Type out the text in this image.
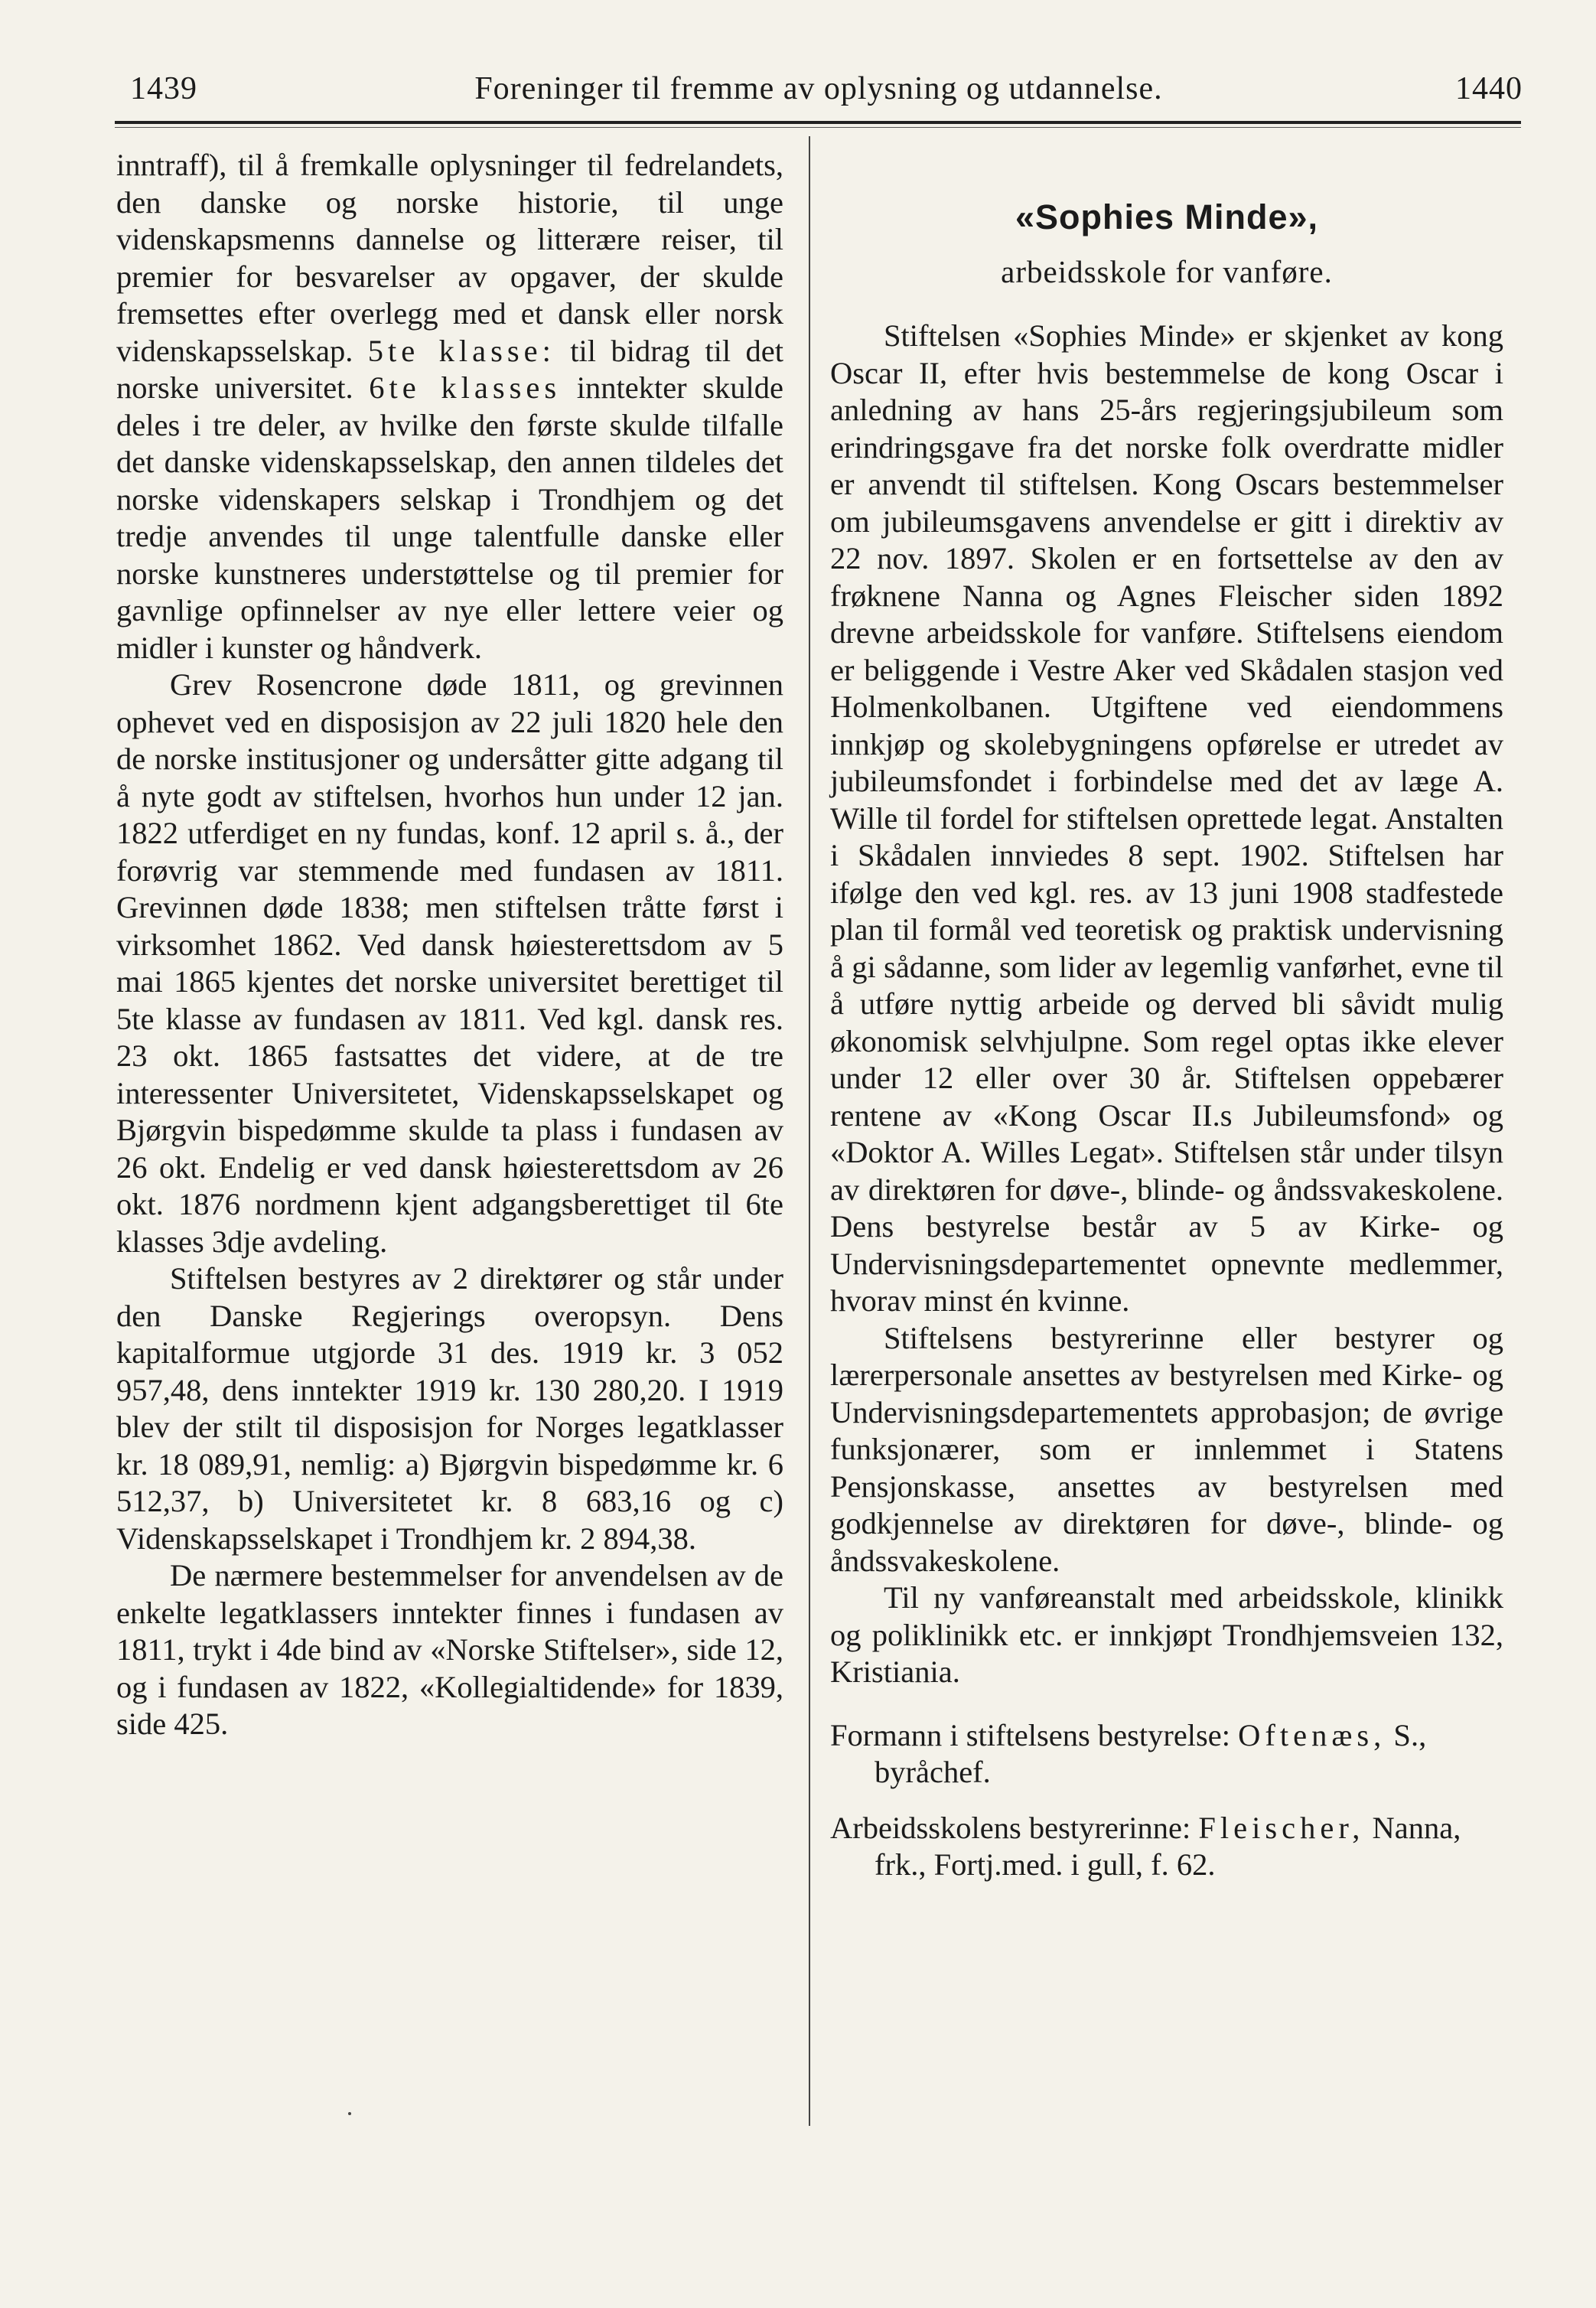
Foreninger til fremme av oplysning og utdannelse.
1439	1440

inntraff), til å fremkalle oplysninger til fedrelandets, den danske og norske historie, til unge videnskapsmenns dannelse og litterære reiser, til premier for besvarelser av opgaver, der skulde fremsettes efter overlegg med et dansk eller norsk videnskapsselskap. 5te klasse: til bidrag til det norske universitet. 6te klasses inntekter skulde deles i tre deler, av hvilke den første skulde tilfalle det danske videnskapsselskap, den annen tildeles det norske videnskapers selskap i Trondhjem og det tredje anvendes til unge talentfulle danske eller norske kunstneres understøttelse og til premier for gavnlige opfinnelser av nye eller lettere veier og midler i kunster og håndverk.

Grev Rosencrone døde 1811, og grevinnen ophevet ved en disposisjon av 22 juli 1820 hele den de norske institusjoner og undersåtter gitte adgang til å nyte godt av stiftelsen, hvorhos hun under 12 jan. 1822 utferdiget en ny fundas, konf. 12 april s. å., der forøvrig var stemmende med fundasen av 1811. Grevinnen døde 1838; men stiftelsen tråtte først i virksomhet 1862. Ved dansk høiesterettsdom av 5 mai 1865 kjentes det norske universitet berettiget til 5te klasse av fundasen av 1811. Ved kgl. dansk res. 23 okt. 1865 fastsattes det videre, at de tre interessenter Universitetet, Videnskapsselskapet og Bjørgvin bispedømme skulde ta plass i fundasen av 26 okt. Endelig er ved dansk høiesterettsdom av 26 okt. 1876 nordmenn kjent adgangsberettiget til 6te klasses 3dje avdeling.

Stiftelsen bestyres av 2 direktører og står under den Danske Regjerings overopsyn. Dens kapitalformue utgjorde 31 des. 1919 kr. 3 052 957,48, dens inntekter 1919 kr. 130 280,20. I 1919 blev der stilt til disposisjon for Norges legatklasser kr. 18 089,91, nemlig: a) Bjørgvin bispedømme kr. 6 512,37, b) Universitetet kr. 8 683,16 og c) Videnskapsselskapet i Trondhjem kr. 2 894,38.

De nærmere bestemmelser for anvendelsen av de enkelte legatklassers inntekter finnes i fundasen av 1811, trykt i 4de bind av «Norske Stiftelser», side 12, og i fundasen av 1822, «Kollegialtidende» for 1839, side 425.

«Sophies Minde»,
arbeidsskole for vanføre.

Stiftelsen «Sophies Minde» er skjenket av kong Oscar II, efter hvis bestemmelse de kong Oscar i anledning av hans 25-års regjeringsjubileum som erindringsgave fra det norske folk overdratte midler er anvendt til stiftelsen. Kong Oscars bestemmelser om jubileumsgavens anvendelse er gitt i direktiv av 22 nov. 1897. Skolen er en fortsettelse av den av frøknene Nanna og Agnes Fleischer siden 1892 drevne arbeidsskole for vanføre. Stiftelsens eiendom er beliggende i Vestre Aker ved Skådalen stasjon ved Holmenkolbanen. Utgiftene ved eiendommens innkjøp og skolebygningens opførelse er utredet av jubileumsfondet i forbindelse med det av læge A. Wille til fordel for stiftelsen oprettede legat. Anstalten i Skådalen innviedes 8 sept. 1902. Stiftelsen har ifølge den ved kgl. res. av 13 juni 1908 stadfestede plan til formål ved teoretisk og praktisk undervisning å gi sådanne, som lider av legemlig vanførhet, evne til å utføre nyttig arbeide og derved bli såvidt mulig økonomisk selvhjulpne. Som regel optas ikke elever under 12 eller over 30 år. Stiftelsen oppebærer rentene av «Kong Oscar II.s Jubileumsfond» og «Doktor A. Willes Legat». Stiftelsen står under tilsyn av direktøren for døve-, blinde- og åndssvakeskolene. Dens bestyrelse består av 5 av Kirke- og Undervisningsdepartementet opnevnte medlemmer, hvorav minst én kvinne.

Stiftelsens bestyrerinne eller bestyrer og lærerpersonale ansettes av bestyrelsen med Kirke- og Undervisningsdepartementets approbasjon; de øvrige funksjonærer, som er innlemmet i Statens Pensjonskasse, ansettes av bestyrelsen med godkjennelse av direktøren for døve-, blinde- og åndssvakeskolene.

Til ny vanføreanstalt med arbeidsskole, klinikk og poliklinikk etc. er innkjøpt Trondhjemsveien 132, Kristiania.

Formann i stiftelsens bestyrelse: Oftenæs, S., byråchef.
Arbeidsskolens bestyrerinne: Fleischer, Nanna, frk., Fortj.med. i gull, f. 62.
